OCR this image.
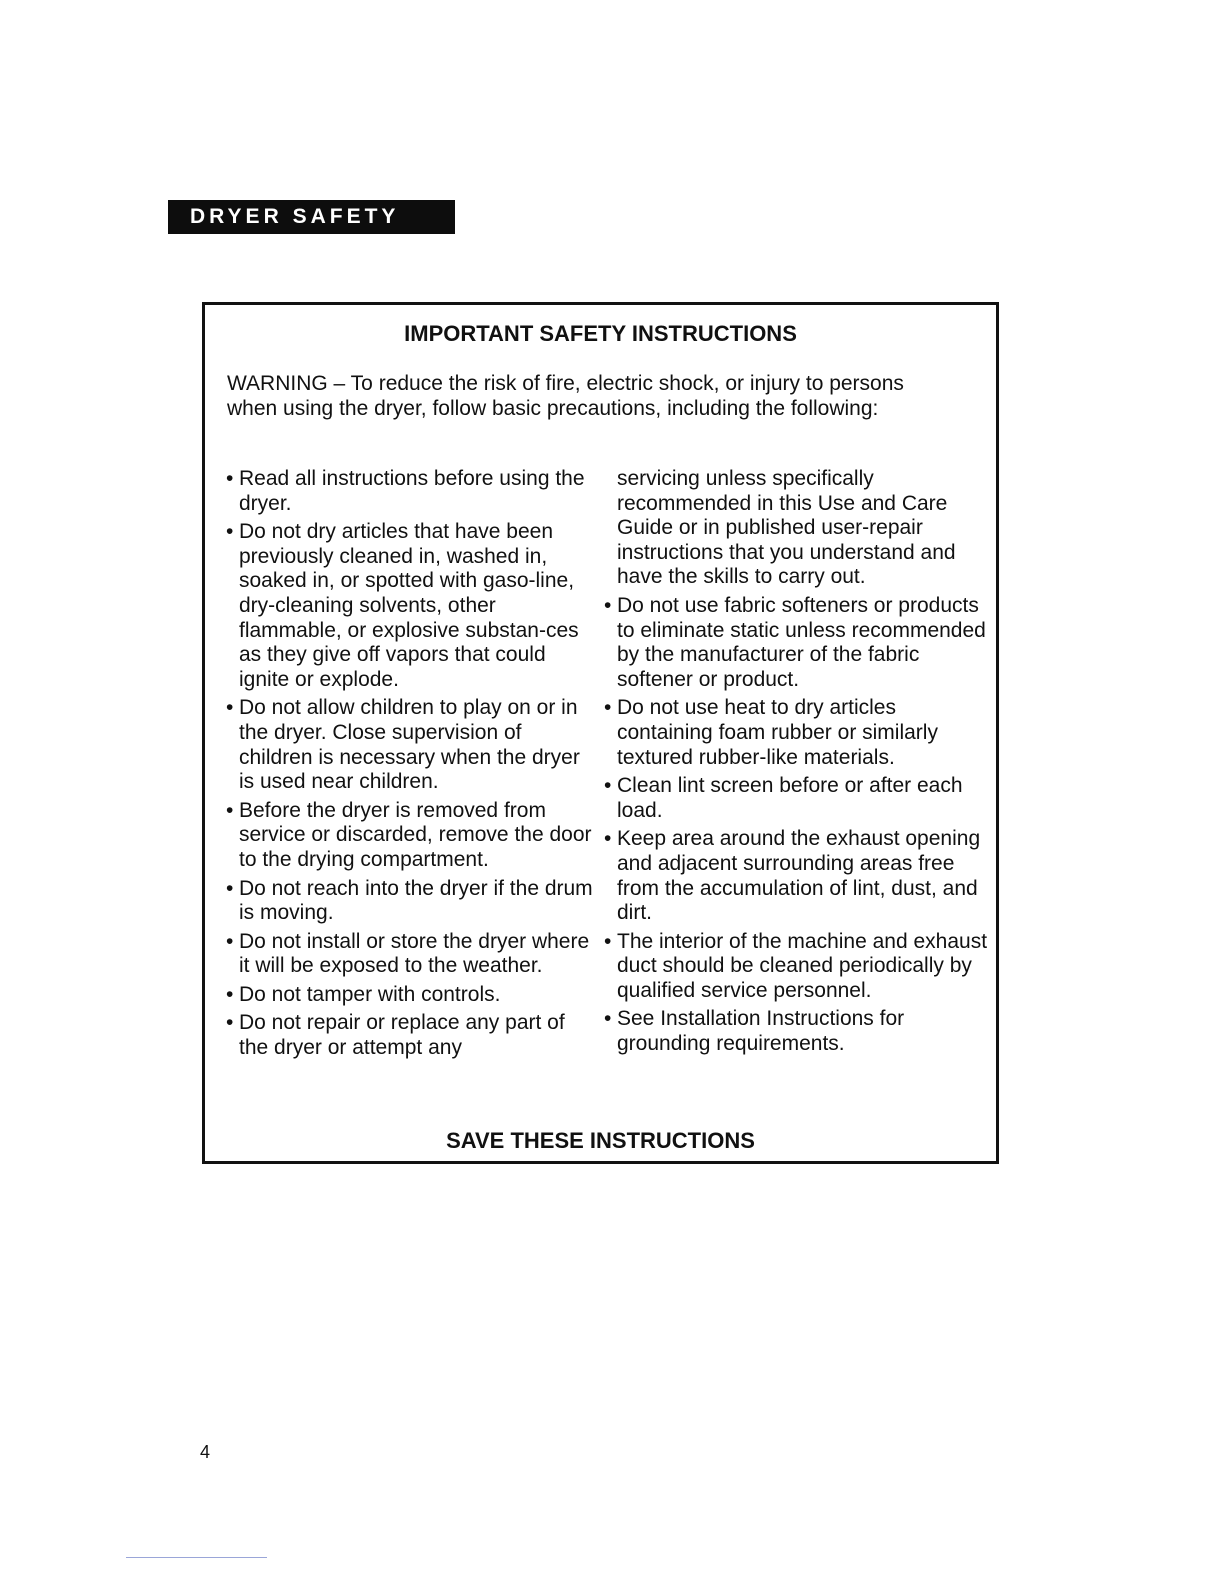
DRYER SAFETY
IMPORTANT SAFETY INSTRUCTIONS
WARNING – To reduce the risk of fire, electric shock, or injury to persons when using the dryer, follow basic precautions, including the following:
• Read all instructions before using the dryer.
• Do not dry articles that have been previously cleaned in, washed in, soaked in, or spotted with gaso-line, dry-cleaning solvents, other flammable, or explosive substan-ces as they give off vapors that could ignite or explode.
• Do not allow children to play on or in the dryer. Close supervision of children is necessary when the dryer is used near children.
• Before the dryer is removed from service or discarded, remove the door to the drying compartment.
• Do not reach into the dryer if the drum is moving.
• Do not install or store the dryer where it will be exposed to the weather.
• Do not tamper with controls.
• Do not repair or replace any part of the dryer or attempt any
servicing unless specifically recommended in this Use and Care Guide or in published user-repair instructions that you understand and have the skills to carry out.
• Do not use fabric softeners or products to eliminate static unless recommended by the manufacturer of the fabric softener or product.
• Do not use heat to dry articles containing foam rubber or similarly textured rubber-like materials.
• Clean lint screen before or after each load.
• Keep area around the exhaust opening and adjacent surrounding areas free from the accumulation of lint, dust, and dirt.
• The interior of the machine and exhaust duct should be cleaned periodically by qualified service personnel.
• See Installation Instructions for grounding requirements.
SAVE THESE INSTRUCTIONS
4
